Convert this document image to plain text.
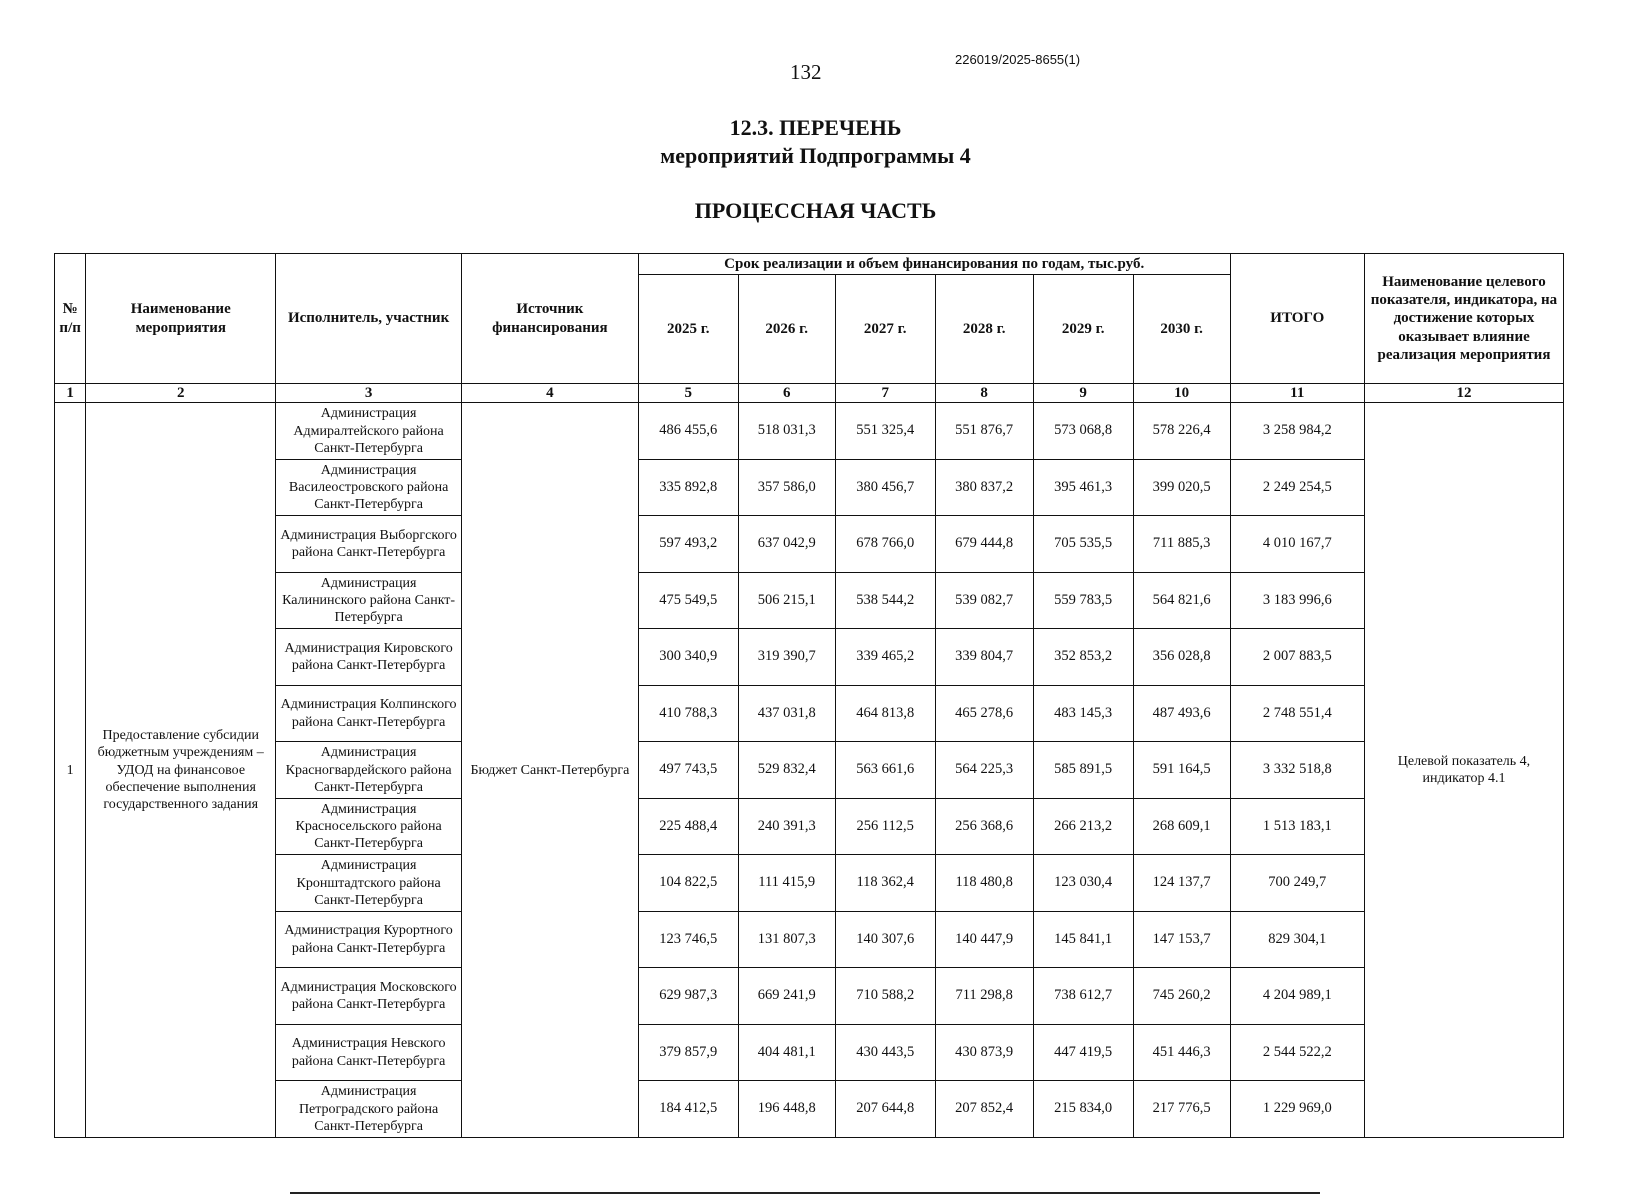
132
226019/2025-8655(1)
12.3. ПЕРЕЧЕНЬ
мероприятий Подпрограммы 4
ПРОЦЕССНАЯ ЧАСТЬ
№ п/п	Наименование мероприятия	Исполнитель, участник	Источник финансирования	Срок реализации и объем финансирования по годам, тыс.руб.						ИТОГО	Наименование целевого показателя, индикатора, на достижение которых оказывает влияние реализация мероприятия
				2025 г.	2026 г.	2027 г.	2028 г.	2029 г.	2030 г.		
1	2	3	4	5	6	7	8	9	10	11	12
1	Предоставление субсидии бюджетным учреждениям – УДОД на финансовое обеспечение выполнения государственного задания	Администрация Адмиралтейского района Санкт-Петербурга	Бюджет Санкт-Петербурга	486 455,6	518 031,3	551 325,4	551 876,7	573 068,8	578 226,4	3 258 984,2	Целевой показатель 4, индикатор 4.1
		Администрация Василеостровского района Санкт-Петербурга		335 892,8	357 586,0	380 456,7	380 837,2	395 461,3	399 020,5	2 249 254,5	
		Администрация Выборгского района Санкт-Петербурга		597 493,2	637 042,9	678 766,0	679 444,8	705 535,5	711 885,3	4 010 167,7	
		Администрация Калининского района Санкт-Петербурга		475 549,5	506 215,1	538 544,2	539 082,7	559 783,5	564 821,6	3 183 996,6	
		Администрация Кировского района Санкт-Петербурга		300 340,9	319 390,7	339 465,2	339 804,7	352 853,2	356 028,8	2 007 883,5	
		Администрация Колпинского района Санкт-Петербурга		410 788,3	437 031,8	464 813,8	465 278,6	483 145,3	487 493,6	2 748 551,4	
		Администрация Красногвардейского района Санкт-Петербурга		497 743,5	529 832,4	563 661,6	564 225,3	585 891,5	591 164,5	3 332 518,8	
		Администрация Красносельского района Санкт-Петербурга		225 488,4	240 391,3	256 112,5	256 368,6	266 213,2	268 609,1	1 513 183,1	
		Администрация Кронштадтского района Санкт-Петербурга		104 822,5	111 415,9	118 362,4	118 480,8	123 030,4	124 137,7	700 249,7	
		Администрация Курортного района Санкт-Петербурга		123 746,5	131 807,3	140 307,6	140 447,9	145 841,1	147 153,7	829 304,1	
		Администрация Московского района Санкт-Петербурга		629 987,3	669 241,9	710 588,2	711 298,8	738 612,7	745 260,2	4 204 989,1	
		Администрация Невского района Санкт-Петербурга		379 857,9	404 481,1	430 443,5	430 873,9	447 419,5	451 446,3	2 544 522,2	
		Администрация Петроградского района Санкт-Петербурга		184 412,5	196 448,8	207 644,8	207 852,4	215 834,0	217 776,5	1 229 969,0	
